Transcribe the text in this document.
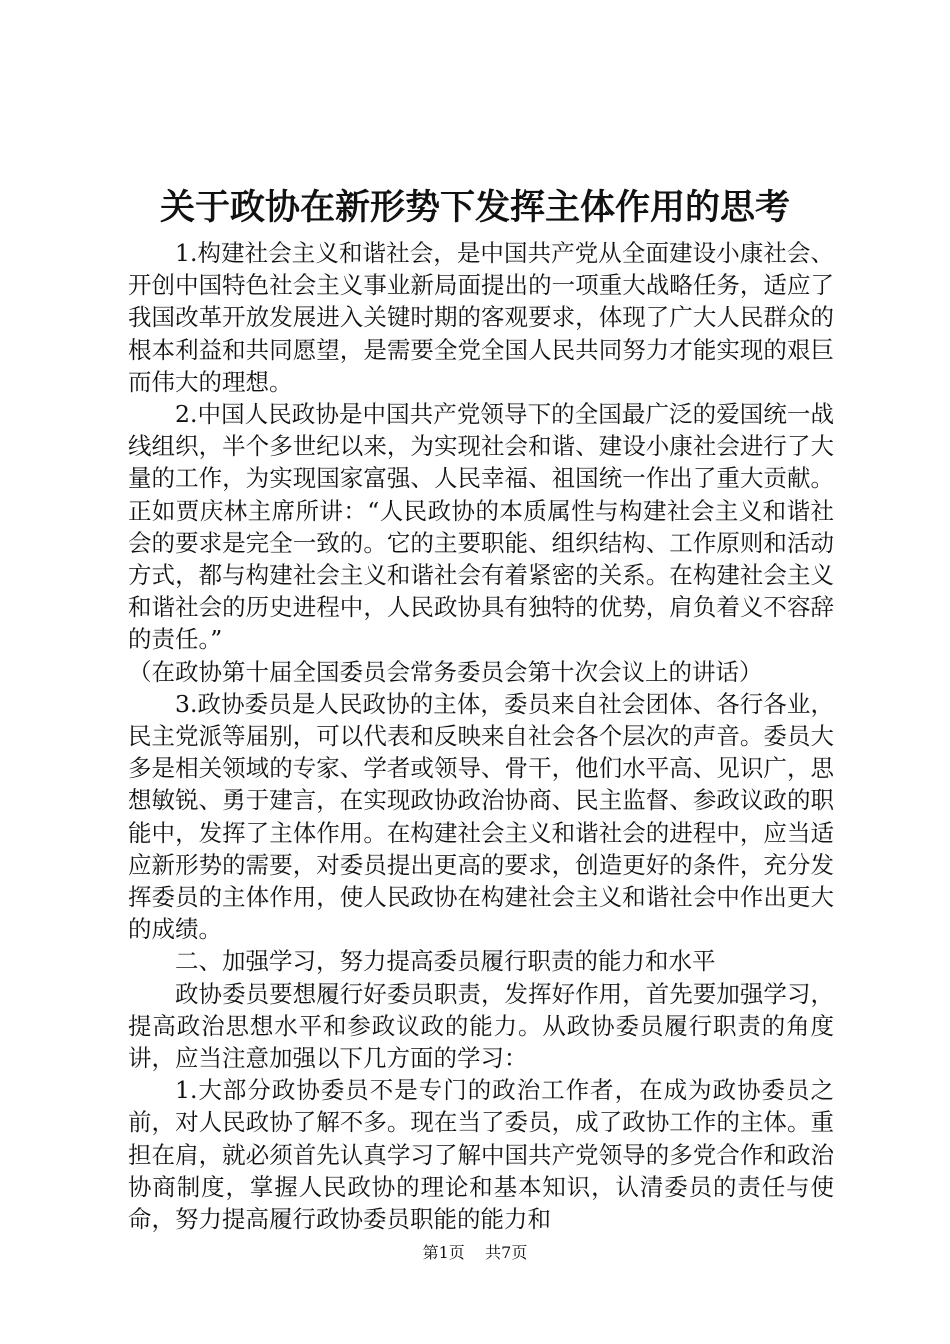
关于政协在新形势下发挥主体作用的思考

1.构建社会主义和谐社会，是中国共产党从全面建设小康社会、开创中国特色社会主义事业新局面提出的一项重大战略任务，适应了我国改革开放发展进入关键时期的客观要求，体现了广大人民群众的根本利益和共同愿望，是需要全党全国人民共同努力才能实现的艰巨而伟大的理想。

2.中国人民政协是中国共产党领导下的全国最广泛的爱国统一战线组织，半个多世纪以来，为实现社会和谐、建设小康社会进行了大量的工作，为实现国家富强、人民幸福、祖国统一作出了重大贡献。正如贾庆林主席所讲：“人民政协的本质属性与构建社会主义和谐社会的要求是完全一致的。它的主要职能、组织结构、工作原则和活动方式，都与构建社会主义和谐社会有着紧密的关系。在构建社会主义和谐社会的历史进程中，人民政协具有独特的优势，肩负着义不容辞的责任。”

（在政协第十届全国委员会常务委员会第十次会议上的讲话）

3.政协委员是人民政协的主体，委员来自社会团体、各行各业，民主党派等届别，可以代表和反映来自社会各个层次的声音。委员大多是相关领域的专家、学者或领导、骨干，他们水平高、见识广，思想敏锐、勇于建言，在实现政协政治协商、民主监督、参政议政的职能中，发挥了主体作用。在构建社会主义和谐社会的进程中，应当适应新形势的需要，对委员提出更高的要求，创造更好的条件，充分发挥委员的主体作用，使人民政协在构建社会主义和谐社会中作出更大的成绩。

二、加强学习，努力提高委员履行职责的能力和水平

政协委员要想履行好委员职责，发挥好作用，首先要加强学习，提高政治思想水平和参政议政的能力。从政协委员履行职责的角度讲，应当注意加强以下几方面的学习：

1.大部分政协委员不是专门的政治工作者，在成为政协委员之前，对人民政协了解不多。现在当了委员，成了政协工作的主体。重担在肩，就必须首先认真学习了解中国共产党领导的多党合作和政治协商制度，掌握人民政协的理论和基本知识，认清委员的责任与使命，努力提高履行政协委员职能的能力和

第1页 共7页
